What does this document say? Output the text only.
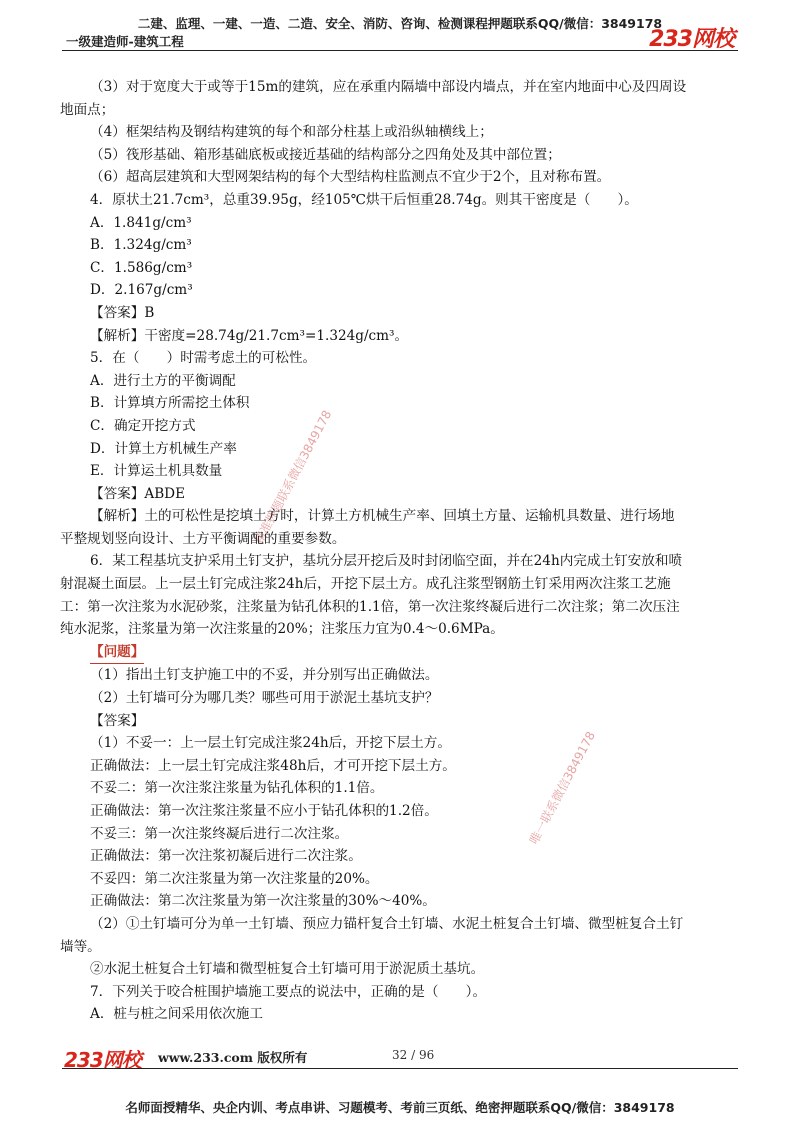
二建、监理、一建、一造、二造、安全、消防、咨询、检测课程押题联系QQ/微信：3849178
一级建造师-建筑工程	233网校
精准押题联系微信3849178
唯一联系微信3849178

（3）对于宽度大于或等于15m的建筑，应在承重内隔墙中部设内墙点，并在室内地面中心及四周设

地面点；

（4）框架结构及钢结构建筑的每个和部分柱基上或沿纵轴横线上；

（5）筏形基础、箱形基础底板或接近基础的结构部分之四角处及其中部位置；

（6）超高层建筑和大型网架结构的每个大型结构柱监测点不宜少于2个，且对称布置。

4．原状土21.7cm³，总重39.95g，经105℃烘干后恒重28.74g。则其干密度是（　　）。

A．1.841g/cm³

B．1.324g/cm³

C．1.586g/cm³

D．2.167g/cm³

【答案】B

【解析】干密度=28.74g/21.7cm³=1.324g/cm³。

5．在（　　）时需考虑土的可松性。

A．进行土方的平衡调配

B．计算填方所需挖土体积

C．确定开挖方式

D．计算土方机械生产率

E．计算运土机具数量

【答案】ABDE

【解析】土的可松性是挖填土方时，计算土方机械生产率、回填土方量、运输机具数量、进行场地

平整规划竖向设计、土方平衡调配的重要参数。

6．某工程基坑支护采用土钉支护，基坑分层开挖后及时封闭临空面，并在24h内完成土钉安放和喷

射混凝土面层。上一层土钉完成注浆24h后，开挖下层土方。成孔注浆型钢筋土钉采用两次注浆工艺施

工：第一次注浆为水泥砂浆，注浆量为钻孔体积的1.1倍，第一次注浆终凝后进行二次注浆；第二次压注

纯水泥浆，注浆量为第一次注浆量的20%；注浆压力宜为0.4～0.6MPa。

【问题】

（1）指出土钉支护施工中的不妥，并分别写出正确做法。

（2）土钉墙可分为哪几类？哪些可用于淤泥土基坑支护？

【答案】

（1）不妥一：上一层土钉完成注浆24h后，开挖下层土方。

正确做法：上一层土钉完成注浆48h后，才可开挖下层土方。

不妥二：第一次注浆注浆量为钻孔体积的1.1倍。

正确做法：第一次注浆注浆量不应小于钻孔体积的1.2倍。

不妥三：第一次注浆终凝后进行二次注浆。

正确做法：第一次注浆初凝后进行二次注浆。

不妥四：第二次注浆量为第一次注浆量的20%。

正确做法：第二次注浆量为第一次注浆量的30%～40%。

（2）①土钉墙可分为单一土钉墙、预应力锚杆复合土钉墙、水泥土桩复合土钉墙、微型桩复合土钉

墙等。

②水泥土桩复合土钉墙和微型桩复合土钉墙可用于淤泥质土基坑。

7．下列关于咬合桩围护墙施工要点的说法中，正确的是（　　）。

A．桩与桩之间采用依次施工

233网校 www.233.com 版权所有	32 / 96
名师面授精华、央企内训、考点串讲、习题模考、考前三页纸、绝密押题联系QQ/微信：3849178
